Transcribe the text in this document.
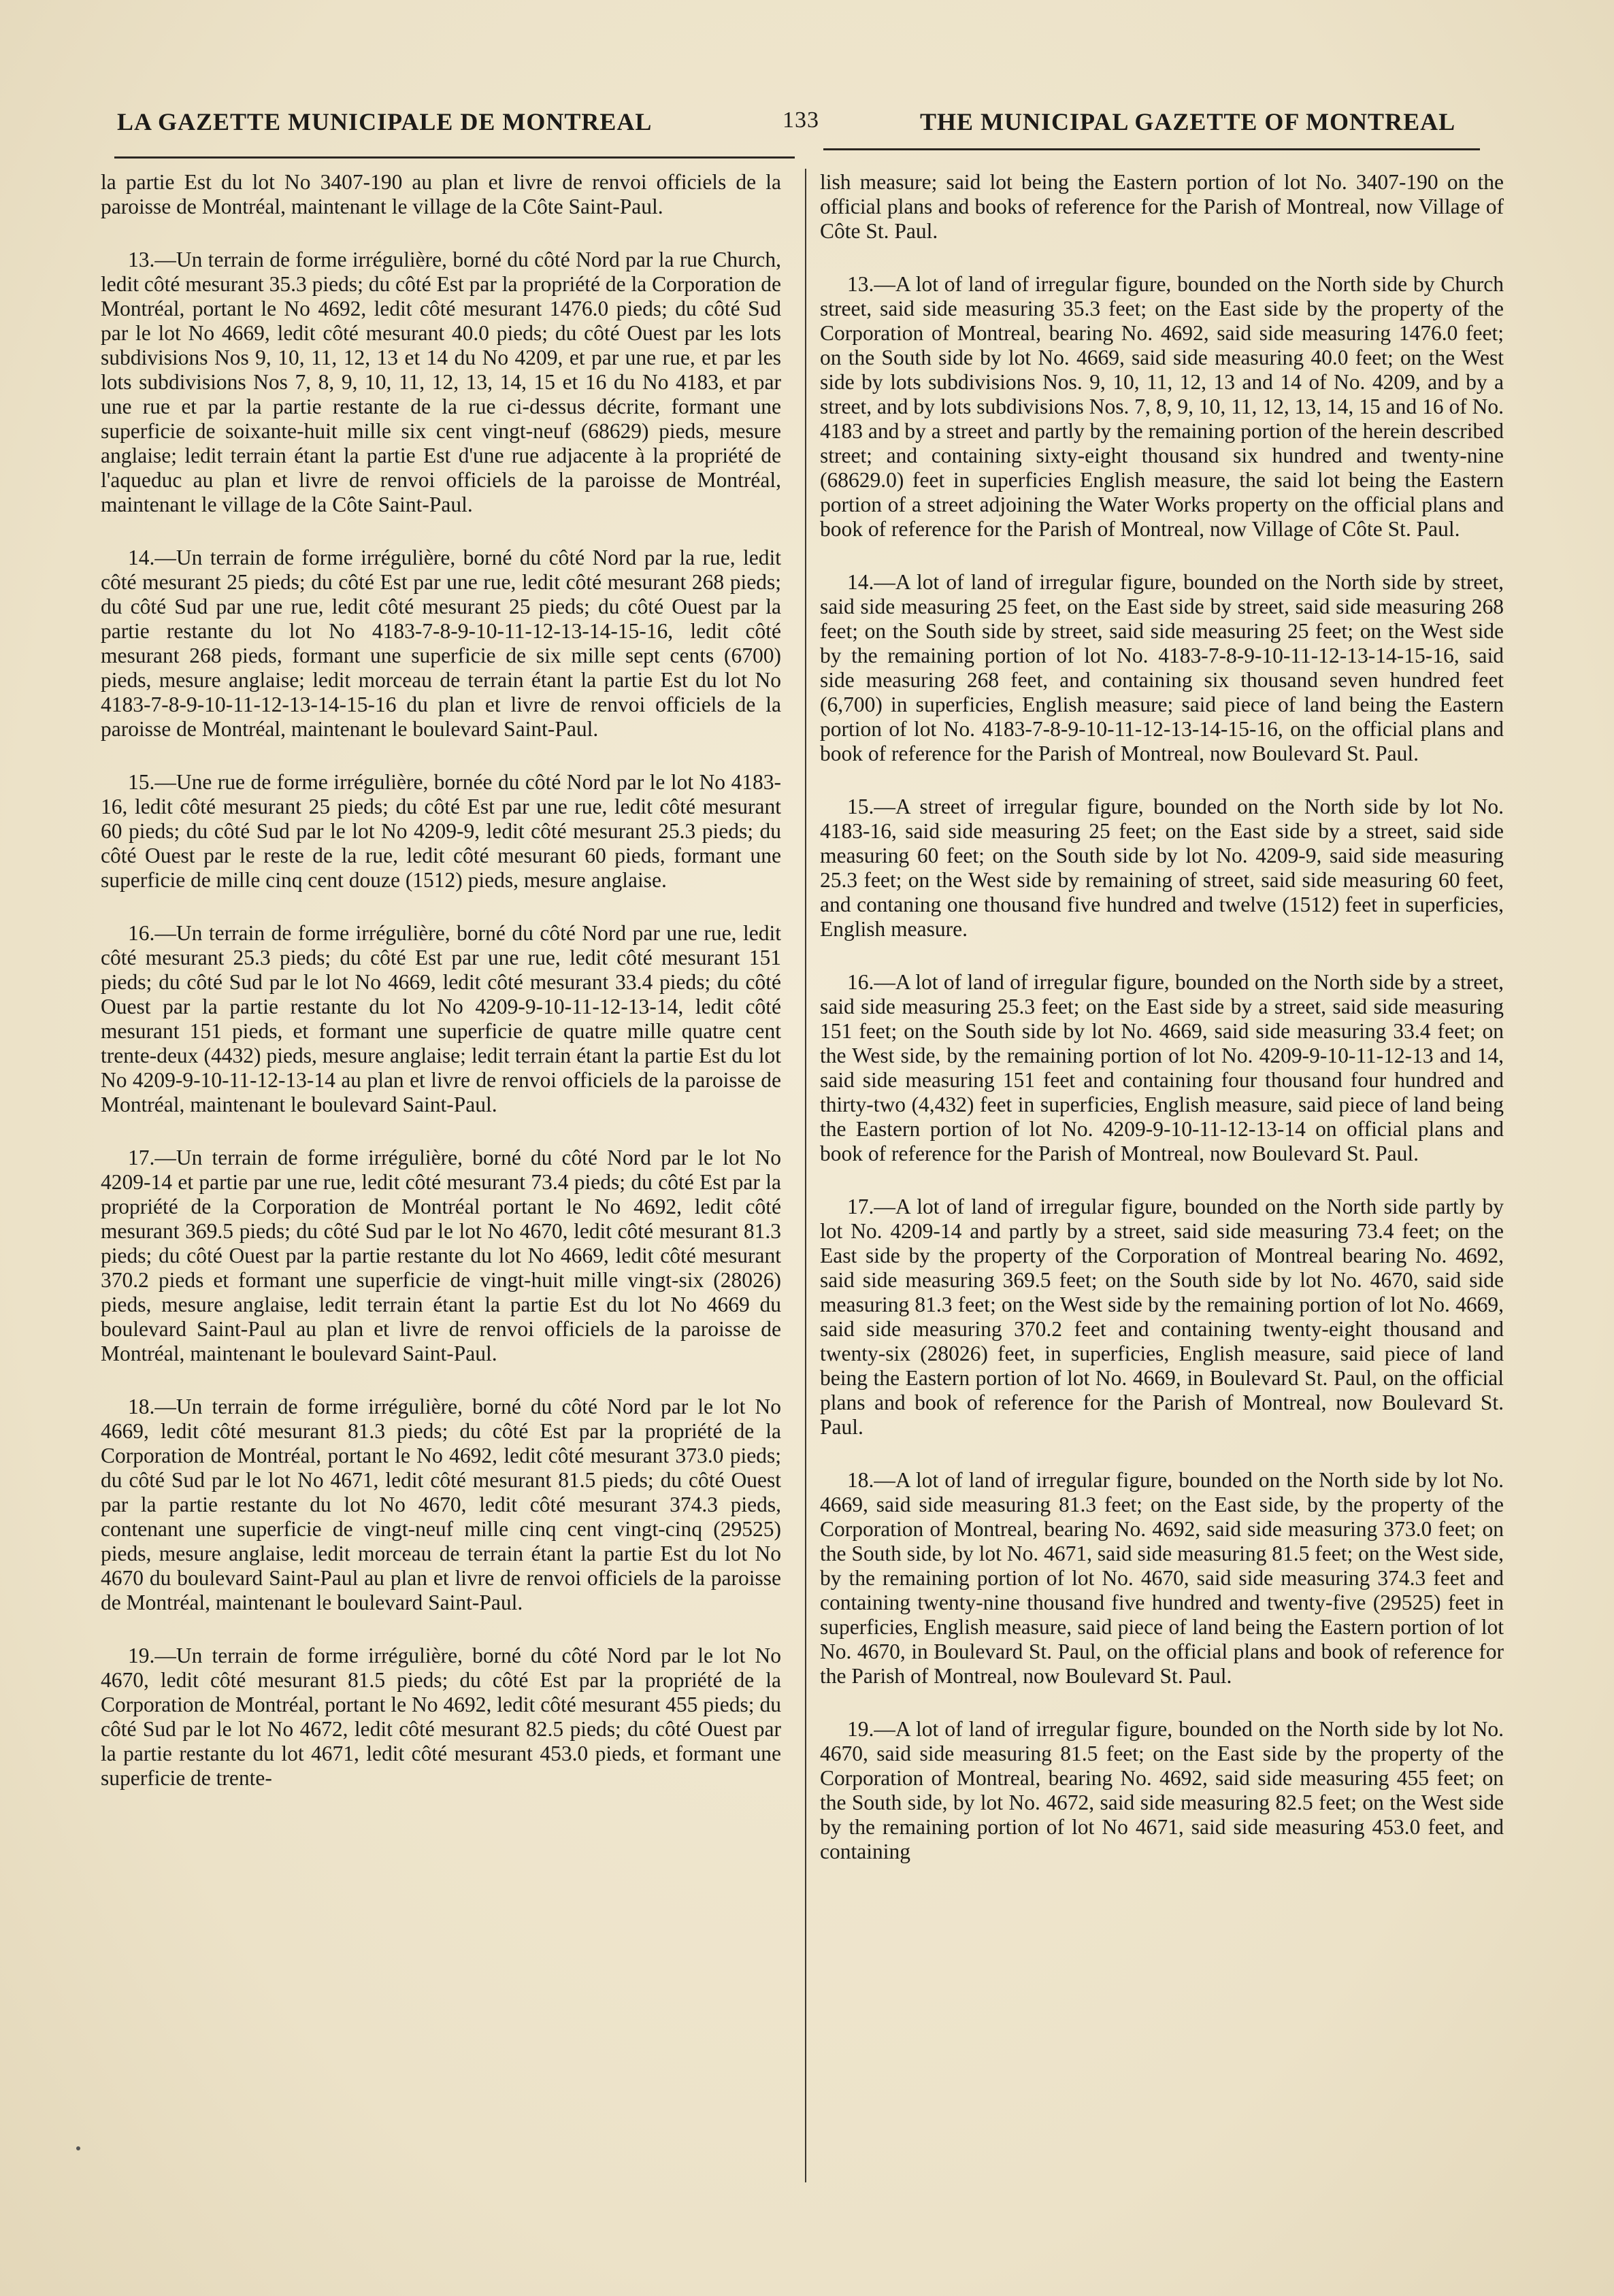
LA GAZETTE MUNICIPALE DE MONTREAL	133	THE MUNICIPAL GAZETTE OF MONTREAL

la partie Est du lot No 3407-190 au plan et livre de renvoi officiels de la paroisse de Montréal, maintenant le village de la Côte Saint-Paul.

13.—Un terrain de forme irrégulière, borné du côté Nord par la rue Church, ledit côté mesurant 35.3 pieds; du côté Est par la propriété de la Corporation de Montréal, portant le No 4692, ledit côté mesurant 1476.0 pieds; du côté Sud par le lot No 4669, ledit côté mesurant 40.0 pieds; du côté Ouest par les lots subdivisions Nos 9, 10, 11, 12, 13 et 14 du No 4209, et par une rue, et par les lots subdivisions Nos 7, 8, 9, 10, 11, 12, 13, 14, 15 et 16 du No 4183, et par une rue et par la partie restante de la rue ci-dessus décrite, formant une superficie de soixante-huit mille six cent vingt-neuf (68629) pieds, mesure anglaise; ledit terrain étant la partie Est d'une rue adjacente à la propriété de l'aqueduc au plan et livre de renvoi officiels de la paroisse de Montréal, maintenant le village de la Côte Saint-Paul.

14.—Un terrain de forme irrégulière, borné du côté Nord par la rue, ledit côté mesurant 25 pieds; du côté Est par une rue, ledit côté mesurant 268 pieds; du côté Sud par une rue, ledit côté mesurant 25 pieds; du côté Ouest par la partie restante du lot No 4183-7-8-9-10-11-12-13-14-15-16, ledit côté mesurant 268 pieds, formant une superficie de six mille sept cents (6700) pieds, mesure anglaise; ledit morceau de terrain étant la partie Est du lot No 4183-7-8-9-10-11-12-13-14-15-16 du plan et livre de renvoi officiels de la paroisse de Montréal, maintenant le boulevard Saint-Paul.

15.—Une rue de forme irrégulière, bornée du côté Nord par le lot No 4183-16, ledit côté mesurant 25 pieds; du côté Est par une rue, ledit côté mesurant 60 pieds; du côté Sud par le lot No 4209-9, ledit côté mesurant 25.3 pieds; du côté Ouest par le reste de la rue, ledit côté mesurant 60 pieds, formant une superficie de mille cinq cent douze (1512) pieds, mesure anglaise.

16.—Un terrain de forme irrégulière, borné du côté Nord par une rue, ledit côté mesurant 25.3 pieds; du côté Est par une rue, ledit côté mesurant 151 pieds; du côté Sud par le lot No 4669, ledit côté mesurant 33.4 pieds; du côté Ouest par la partie restante du lot No 4209-9-10-11-12-13-14, ledit côté mesurant 151 pieds, et formant une superficie de quatre mille quatre cent trente-deux (4432) pieds, mesure anglaise; ledit terrain étant la partie Est du lot No 4209-9-10-11-12-13-14 au plan et livre de renvoi officiels de la paroisse de Montréal, maintenant le boulevard Saint-Paul.

17.—Un terrain de forme irrégulière, borné du côté Nord par le lot No 4209-14 et partie par une rue, ledit côté mesurant 73.4 pieds; du côté Est par la propriété de la Corporation de Montréal portant le No 4692, ledit côté mesurant 369.5 pieds; du côté Sud par le lot No 4670, ledit côté mesurant 81.3 pieds; du côté Ouest par la partie restante du lot No 4669, ledit côté mesurant 370.2 pieds et formant une superficie de vingt-huit mille vingt-six (28026) pieds, mesure anglaise, ledit terrain étant la partie Est du lot No 4669 du boulevard Saint-Paul au plan et livre de renvoi officiels de la paroisse de Montréal, maintenant le boulevard Saint-Paul.

18.—Un terrain de forme irrégulière, borné du côté Nord par le lot No 4669, ledit côté mesurant 81.3 pieds; du côté Est par la propriété de la Corporation de Montréal, portant le No 4692, ledit côté mesurant 373.0 pieds; du côté Sud par le lot No 4671, ledit côté mesurant 81.5 pieds; du côté Ouest par la partie restante du lot No 4670, ledit côté mesurant 374.3 pieds, contenant une superficie de vingt-neuf mille cinq cent vingt-cinq (29525) pieds, mesure anglaise, ledit morceau de terrain étant la partie Est du lot No 4670 du boulevard Saint-Paul au plan et livre de renvoi officiels de la paroisse de Montréal, maintenant le boulevard Saint-Paul.

19.—Un terrain de forme irrégulière, borné du côté Nord par le lot No 4670, ledit côté mesurant 81.5 pieds; du côté Est par la propriété de la Corporation de Montréal, portant le No 4692, ledit côté mesurant 455 pieds; du côté Sud par le lot No 4672, ledit côté mesurant 82.5 pieds; du côté Ouest par la partie restante du lot 4671, ledit côté mesurant 453.0 pieds, et formant une superficie de trente-

lish measure; said lot being the Eastern portion of lot No. 3407-190 on the official plans and books of reference for the Parish of Montreal, now Village of Côte St. Paul.

13.—A lot of land of irregular figure, bounded on the North side by Church street, said side measuring 35.3 feet; on the East side by the property of the Corporation of Montreal, bearing No. 4692, said side measuring 1476.0 feet; on the South side by lot No. 4669, said side measuring 40.0 feet; on the West side by lots subdivisions Nos. 9, 10, 11, 12, 13 and 14 of No. 4209, and by a street, and by lots subdivisions Nos. 7, 8, 9, 10, 11, 12, 13, 14, 15 and 16 of No. 4183 and by a street and partly by the remaining portion of the herein described street; and containing sixty-eight thousand six hundred and twenty-nine (68629.0) feet in superficies English measure, the said lot being the Eastern portion of a street adjoining the Water Works property on the official plans and book of reference for the Parish of Montreal, now Village of Côte St. Paul.

14.—A lot of land of irregular figure, bounded on the North side by street, said side measuring 25 feet, on the East side by street, said side measuring 268 feet; on the South side by street, said side measuring 25 feet; on the West side by the remaining portion of lot No. 4183-7-8-9-10-11-12-13-14-15-16, said side measuring 268 feet, and containing six thousand seven hundred feet (6,700) in superficies, English measure; said piece of land being the Eastern portion of lot No. 4183-7-8-9-10-11-12-13-14-15-16, on the official plans and book of reference for the Parish of Montreal, now Boulevard St. Paul.

15.—A street of irregular figure, bounded on the North side by lot No. 4183-16, said side measuring 25 feet; on the East side by a street, said side measuring 60 feet; on the South side by lot No. 4209-9, said side measuring 25.3 feet; on the West side by remaining of street, said side measuring 60 feet, and contaning one thousand five hundred and twelve (1512) feet in superficies, English measure.

16.—A lot of land of irregular figure, bounded on the North side by a street, said side measuring 25.3 feet; on the East side by a street, said side measuring 151 feet; on the South side by lot No. 4669, said side measuring 33.4 feet; on the West side, by the remaining portion of lot No. 4209-9-10-11-12-13 and 14, said side measuring 151 feet and containing four thousand four hundred and thirty-two (4,432) feet in superficies, English measure, said piece of land being the Eastern portion of lot No. 4209-9-10-11-12-13-14 on official plans and book of reference for the Parish of Montreal, now Boulevard St. Paul.

17.—A lot of land of irregular figure, bounded on the North side partly by lot No. 4209-14 and partly by a street, said side measuring 73.4 feet; on the East side by the property of the Corporation of Montreal bearing No. 4692, said side measuring 369.5 feet; on the South side by lot No. 4670, said side measuring 81.3 feet; on the West side by the remaining portion of lot No. 4669, said side measuring 370.2 feet and containing twenty-eight thousand and twenty-six (28026) feet, in superficies, English measure, said piece of land being the Eastern portion of lot No. 4669, in Boulevard St. Paul, on the official plans and book of reference for the Parish of Montreal, now Boulevard St. Paul.

18.—A lot of land of irregular figure, bounded on the North side by lot No. 4669, said side measuring 81.3 feet; on the East side, by the property of the Corporation of Montreal, bearing No. 4692, said side measuring 373.0 feet; on the South side, by lot No. 4671, said side measuring 81.5 feet; on the West side, by the remaining portion of lot No. 4670, said side measuring 374.3 feet and containing twenty-nine thousand five hundred and twenty-five (29525) feet in superficies, English measure, said piece of land being the Eastern portion of lot No. 4670, in Boulevard St. Paul, on the official plans and book of reference for the Parish of Montreal, now Boulevard St. Paul.

19.—A lot of land of irregular figure, bounded on the North side by lot No. 4670, said side measuring 81.5 feet; on the East side by the property of the Corporation of Montreal, bearing No. 4692, said side measuring 455 feet; on the South side, by lot No. 4672, said side measuring 82.5 feet; on the West side by the remaining portion of lot No 4671, said side measuring 453.0 feet, and containing
